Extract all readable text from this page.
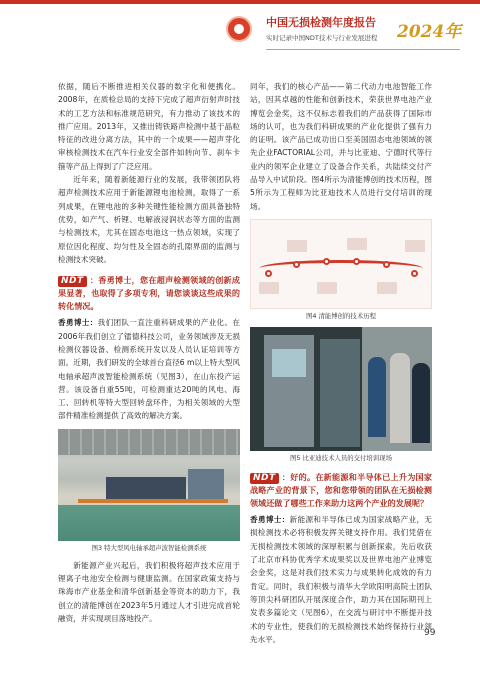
中国无损检测年度报告
实时记录中国NDT技术与行业发展进程 2024年

依据，随后不断推进相关仪器的数字化和便携化。2008年，在质检总局的支持下完成了超声衍射声时技术的工艺方法和标准规范研究，有力推动了该技术的推广应用。2013年，又推出铸铁路声检测中基于晶粒特征的改进分离方法，其中的一个成果——超声芽化审核检测技术在汽车行业安全部件如转向节、刹车卡箍等产品上得到了广泛应用。

近年来，随着新能源行业的发展，我带领团队将超声检测技术应用于新能源锂电池检测，取得了一系列成果，在锂电池的多种关键性能检测方面具备独特优势，如产气、析锂、电解液浸润状态等方面的监测与检测技术，尤其在固态电池这一热点领域，实现了原位因化程度、均匀性及全固态的孔隙界面的监测与检测技术突破。

NDT ：香勇博士，您在超声检测领域的创新成果显著，也取得了多项专利，请您谈谈这些成果的转化情况。

香勇博士：我们团队一直注重科研成果的产业化。在2006年我们创立了镭德科技公司，业务领域涉及无损检测仪器设备、检测系统开发以及人员认证培训等方面。近期，我们研发的全球首台直径6 m以上特大型风电轴承超声波智能检测系统（见图3），在山东投产运营。该设备自重55吨，可检测重达20吨的风电、海工、回转机等特大型回转盘环件，为相关领域的大型部件精准检测提供了高效的解决方案。

图3 特大型风电轴承超声波智能检测系统

新能源产业兴起后，我们积极将超声技术应用于锂离子电池安全检测与健康监测。在国家政策支持与珠海市产业基金和清华创新基金等资本的助力下，我创立的清能博创在2023年5月通过人才引进完成首轮融资，并实现项目落地投产。

同年，我们的核心产品——第二代动力电池智能工作站，因其卓越的性能和创新技术，荣获世界电池产业博览会金奖，这不仅标志着我们的产品获得了国际市场的认可，也为我们科研成果的产业化提供了强有力的证明。该产品已成功出口至美国固态电池领域的领先企业FACTORIAL公司，并与比亚迪、宁德时代等行业内的领军企业建立了设备合作关系，共陆续交付产品导入中试阶段。图4所示为清能博创的技术历程，图5所示为工程师为比亚迪技术人员进行交付培训的现场。

图4 清能博创的技术历程
图5 比亚迪技术人员的交付培训现场
NDT ：好的。在新能源和半导体已上升为国家战略产业的背景下，您和您带领的团队在无损检测领域还做了哪些工作来助力这两个产业的发展呢？

香勇博士：新能源和半导体已成为国家战略产业，无损检测技术必将积极发挥关键支持作用。我们凭借在无损检测技术领域的深厚积累与创新探索，先后收获了北京市科协优秀学术成果奖以及世界电池产业博览会金奖，这是对我们技术实力与成果转化成效的有力肯定。同时，我们积极与清华大学欧阳明高院士团队等顶尖科研团队开展深度合作，助力其在国际期刊上发表多篇论文（见图6），在交流与研讨中不断提升技术的专业性，使我们的无损检测技术始终保持行业领先水平。

99
